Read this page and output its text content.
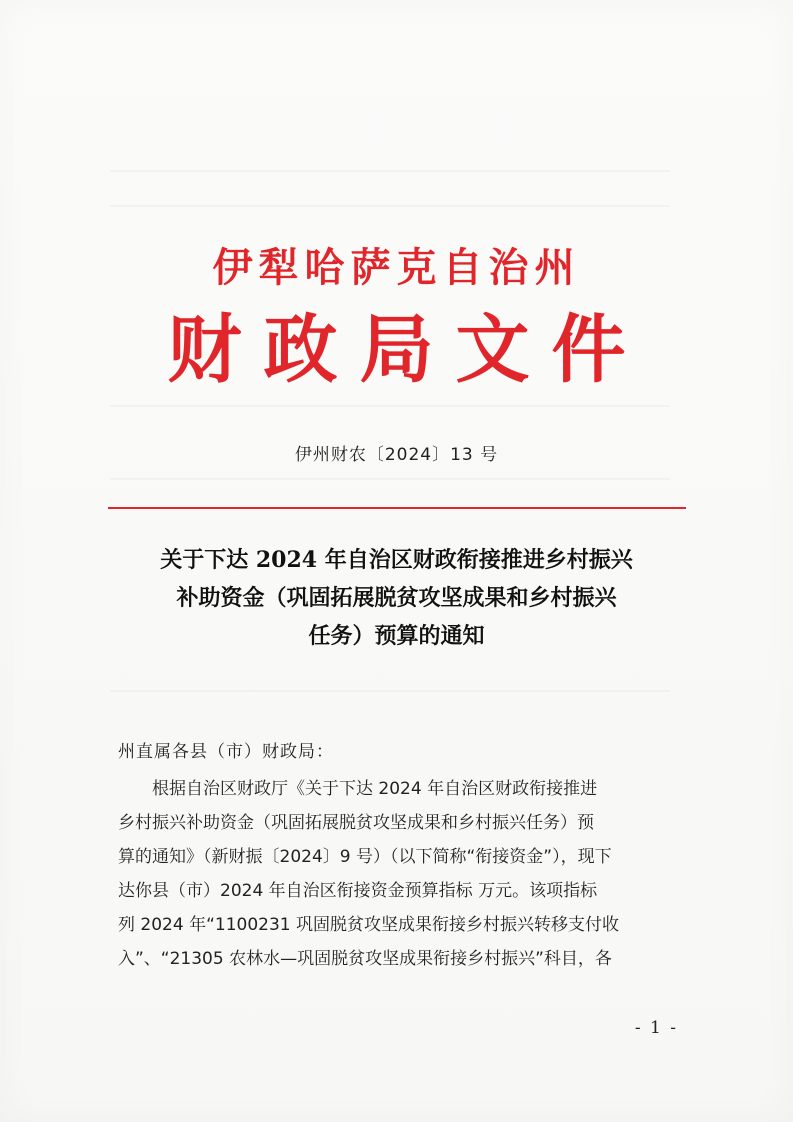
伊犁哈萨克自治州
财政局文件
伊州财农〔2024〕13 号
关于下达 2024 年自治区财政衔接推进乡村振兴
补助资金（巩固拓展脱贫攻坚成果和乡村振兴
任务）预算的通知
州直属各县（市）财政局：
根据自治区财政厅《关于下达 2024 年自治区财政衔接推进
乡村振兴补助资金（巩固拓展脱贫攻坚成果和乡村振兴任务）预
算的通知》（新财振〔2024〕9 号）（以下简称“衔接资金”），现下
达你县（市）2024 年自治区衔接资金预算指标 万元。该项指标
列 2024 年“1100231 巩固脱贫攻坚成果衔接乡村振兴转移支付收
入”、“21305 农林水—巩固脱贫攻坚成果衔接乡村振兴”科目，各
- 1 -
